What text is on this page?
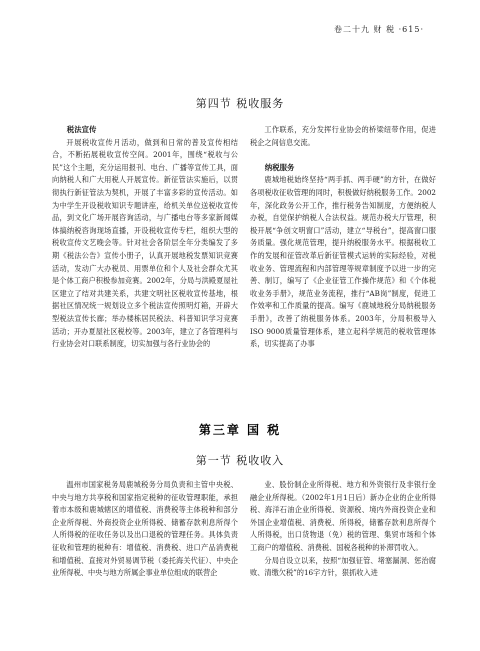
卷二十九 财 税 ·615·
第四节 税收服务
税法宣传

开展税收宣传月活动，做到和日常的普及宣传相结合，不断拓展税收宣传空间。2001年，围绕“税收与公民”这个主题，充分运用报刊、电台、广播等宣传工具，面向纳税人和广大用税人开展宣传。新征管法实施后，以贯彻执行新征管法为契机，开展了丰富多彩的宣传活动。如为中学生开设税收知识专题讲座，给机关单位送税收宣传品，到文化广场开展咨询活动，与广播电台等多家新闻媒体搞纳税咨询现场直播，开设税收宣传专栏，组织大型的税收宣传文艺晚会等。针对社会各阶层全年分类编发了多期《税法公告》宣传小册子，认真开展地税发票知识竞赛活动，发动广大办税员、用票单位和个人及社会群众尤其是个体工商户积极参加竞赛。2002年，分局与洪殿夏屋社区建立了结对共建关系，共建文明社区税收宣传基地，根据社区情况统一规划设立多个税法宣传照明灯箱，开辟大型税法宣传长廊；举办楼栋居民税法、科普知识学习竞赛活动；开办夏屋社区税校等。2003年，建立了各管理科与行业协会对口联系制度，切实加强与各行业协会的

工作联系，充分发挥行业协会的桥梁纽带作用，促进税企之间信息交流。

纳税服务

鹿城地税始终坚持“两手抓、两手硬”的方针，在做好各项税收征收管理的同时，积极做好纳税服务工作。2002年，深化政务公开工作，推行税务告知制度，方便纳税人办税，自觉保护纳税人合法权益。规范办税大厅管理，积极开展“争创文明窗口”活动，建立“导税台”，提高窗口服务质量。强化规范管理，提升纳税服务水平。根据税收工作的发展和征管改革后新征管模式运转的实际经验，对税收业务、管理流程和内部管理等规章制度予以进一步的完善、制订，编写了《企业征管工作操作规范》和《个体税收业务手册》，规范业务流程，推行“AB岗”制度，促进工作效率和工作质量的提高。编写《鹿城地税分局纳税服务手册》，改善了纳税服务体系。2003年，分局积极导入ISO 9000质量管理体系，建立起科学规范的税收管理体系，切实提高了办事

第三章 国 税
第一节 税收收入

温州市国家税务局鹿城税务分局负责和主管中央税、中央与地方共享税和国家指定税种的征收管理职能，承担着市本级和鹿城辖区的增值税、消费税等主体税种和部分企业所得税、外商投资企业所得税、储蓄存款利息所得个人所得税的征收任务以及出口退税的管理任务。具体负责征收和管理的税种有：增值税、消费税、进口产品消费税和增值税、直接对外贸易调节税（委托海关代征）、中央企业所得税、中央与地方所属企事业单位组成的联营企

业、股份制企业所得税、地方和外资银行及非银行金融企业所得税。（2002年1月1日后）新办企业的企业所得税、海洋石油企业所得税、资源税、境内外商投资企业和外国企业增值税、消费税、所得税，储蓄存款利息所得个人所得税，出口货物退（免）税的管理、集贸市场和个体工商户的增值税、消费税、国税各税种的补滞罚收入。

分局自设立以来，按照“加强征管、堵塞漏洞、惩治腐败、清缴欠税”的16字方针，狠抓收入进
